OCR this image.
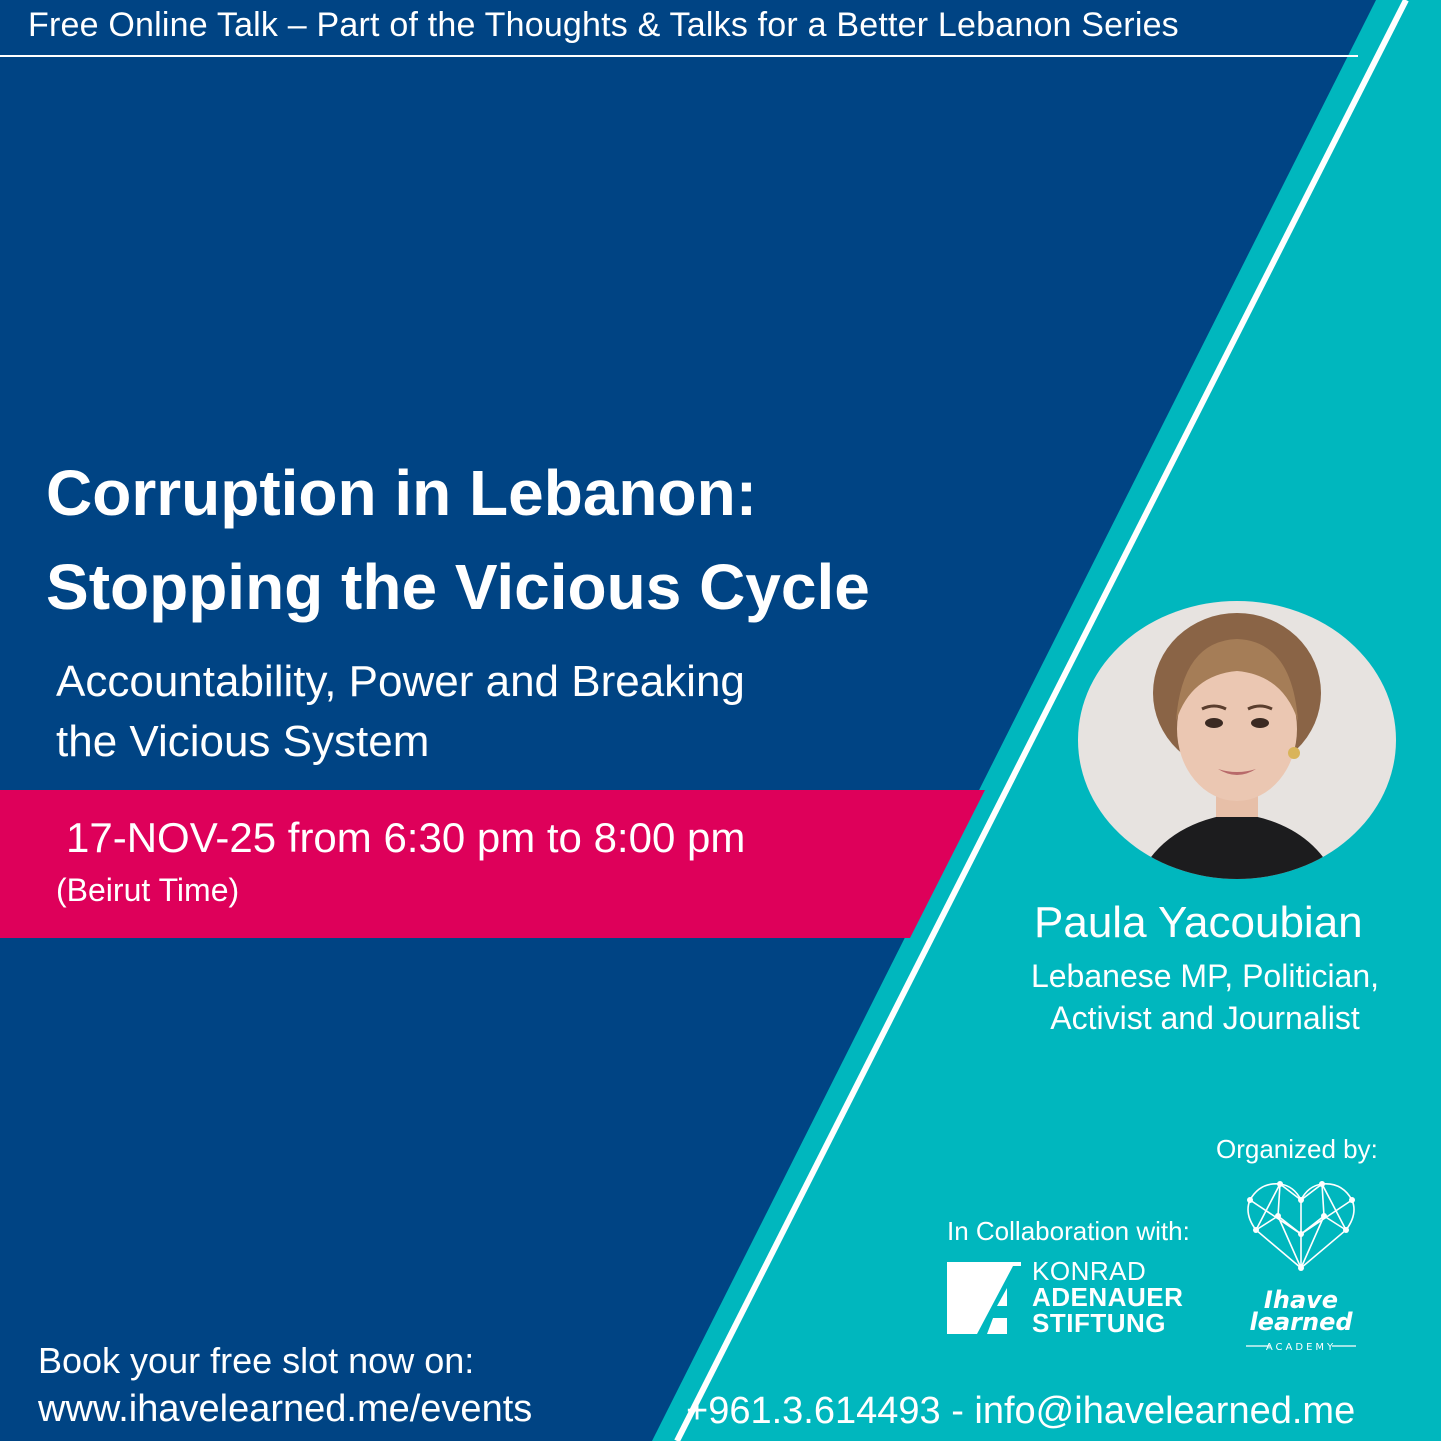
Free Online Talk – Part of the Thoughts & Talks for a Better Lebanon Series
Corruption in Lebanon:
Stopping the Vicious Cycle
Accountability, Power and Breaking
the Vicious System
17-NOV-25 from 6:30 pm to 8:00 pm
(Beirut Time)
Paula Yacoubian
Lebanese MP, Politician,
Activist and Journalist
Organized by:
Ihave
learned
ACADEMY
In Collaboration with:
KONRAD
ADENAUER
STIFTUNG
Book your free slot now on:
www.ihavelearned.me/events	+961.3.614493 - info@ihavelearned.me
